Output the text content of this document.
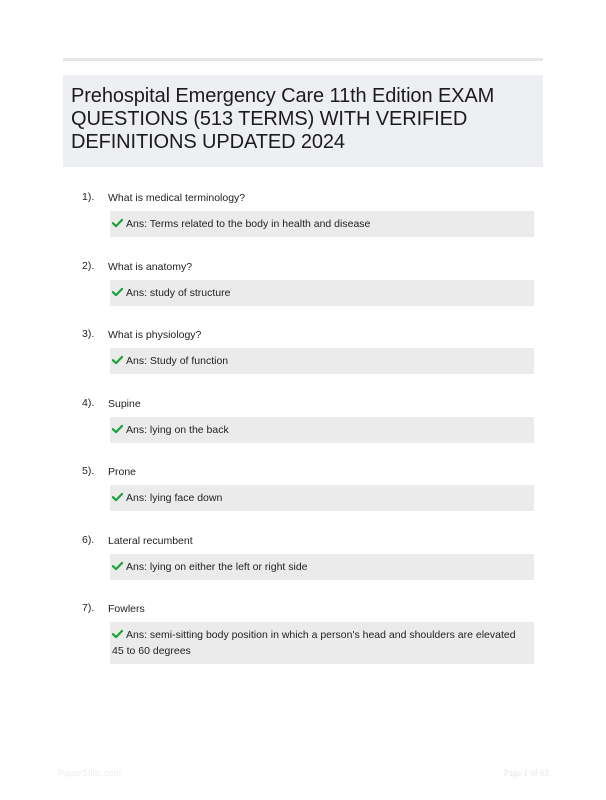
Prehospital Emergency Care 11th Edition EXAM QUESTIONS (513 TERMS) WITH VERIFIED DEFINITIONS UPDATED 2024
1). What is medical terminology?
Ans: Terms related to the body in health and disease
2). What is anatomy?
Ans: study of structure
3). What is physiology?
Ans: Study of function
4). Supine
Ans: lying on the back
5). Prone
Ans: lying face down
6). Lateral recumbent
Ans: lying on either the left or right side
7). Fowlers
Ans: semi-sitting body position in which a person's head and shoulders are elevated 45 to 60 degrees
PaperStitic.com	Page 1 of 63
